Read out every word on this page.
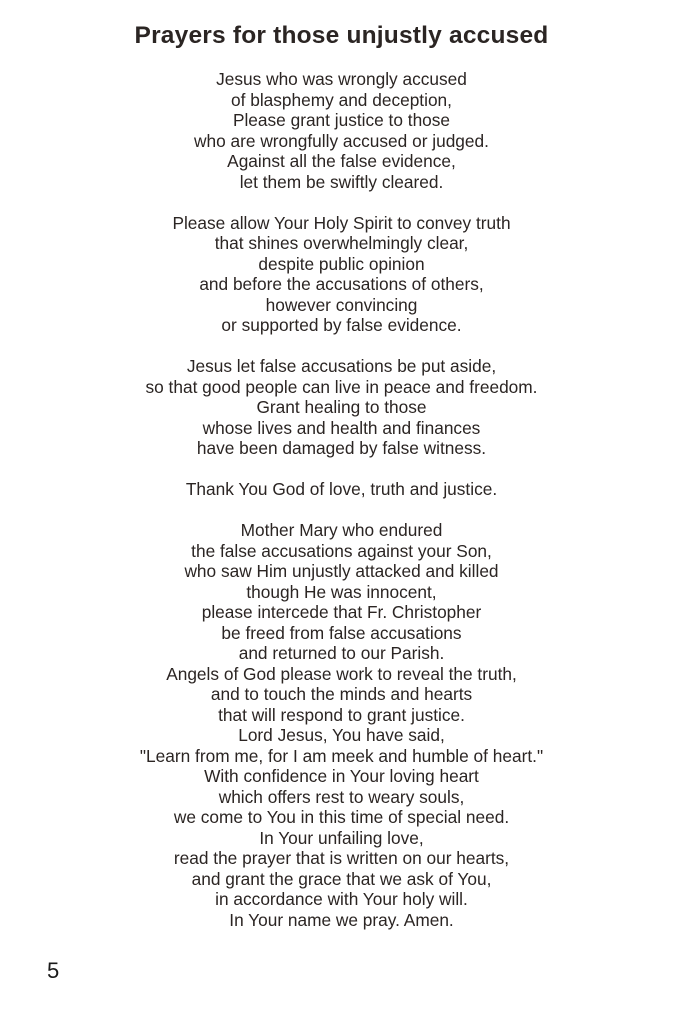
Prayers for those unjustly accused
Jesus who was wrongly accused
of blasphemy and deception,
Please grant justice to those
who are wrongfully accused or judged.
Against all the false evidence,
let them be swiftly cleared.
Please allow Your Holy Spirit to convey truth
that shines overwhelmingly clear,
despite public opinion
and before the accusations of others,
however convincing
or supported by false evidence.
Jesus let false accusations be put aside,
so that good people can live in peace and freedom.
Grant healing to those
whose lives and health and finances
have been damaged by false witness.
Thank You God of love, truth and justice.
Mother Mary who endured
the false accusations against your Son,
who saw Him unjustly attacked and killed
though He was innocent,
please intercede that Fr. Christopher
be freed from false accusations
and returned to our Parish.
Angels of God please work to reveal the truth,
and to touch the minds and hearts
that will respond to grant justice.
Lord Jesus, You have said,
"Learn from me, for I am meek and humble of heart."
With confidence in Your loving heart
which offers rest to weary souls,
we come to You in this time of special need.
In Your unfailing love,
read the prayer that is written on our hearts,
and grant the grace that we ask of You,
in accordance with Your holy will.
In Your name we pray. Amen.
5
